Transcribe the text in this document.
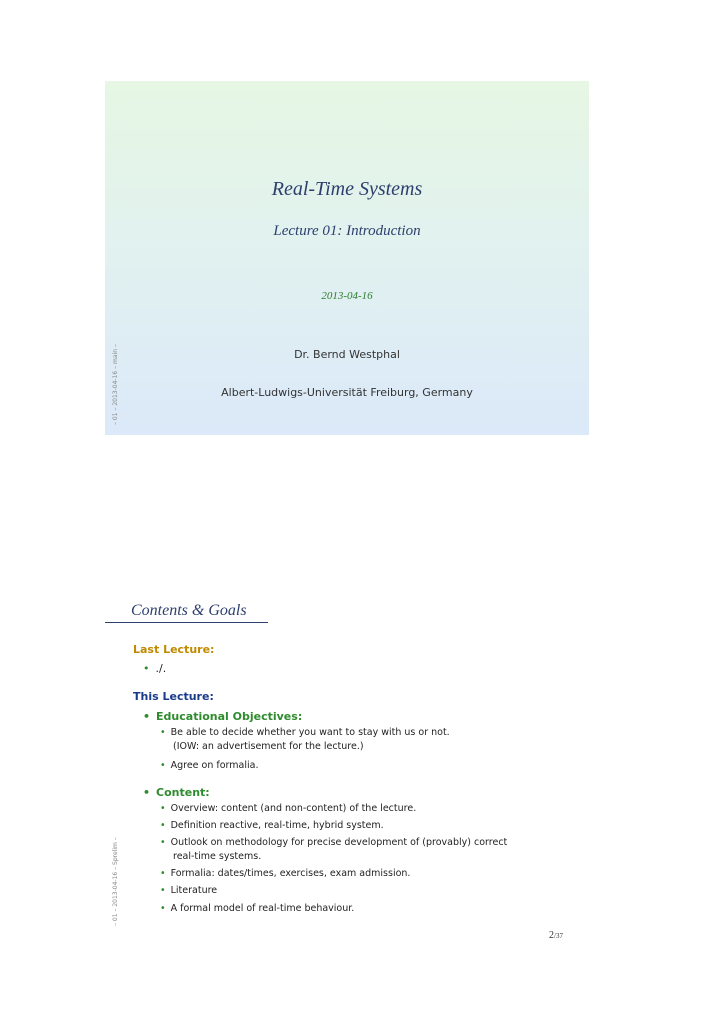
– 01 – 2013-04-16 – main –
Real-Time Systems
Lecture 01: Introduction
2013-04-16
Dr. Bernd Westphal
Albert-Ludwigs-Universität Freiburg, Germany
– 01 – 2013-04-16 – Sprelim –
Contents & Goals
Last Lecture:
• ./.
This Lecture:
• Educational Objectives:
• Be able to decide whether you want to stay with us or not.
(IOW: an advertisement for the lecture.)
• Agree on formalia.
• Content:
• Overview: content (and non-content) of the lecture.
• Definition reactive, real-time, hybrid system.
• Outlook on methodology for precise development of (provably) correct
real-time systems.
• Formalia: dates/times, exercises, exam admission.
• Literature
• A formal model of real-time behaviour.
2/37
